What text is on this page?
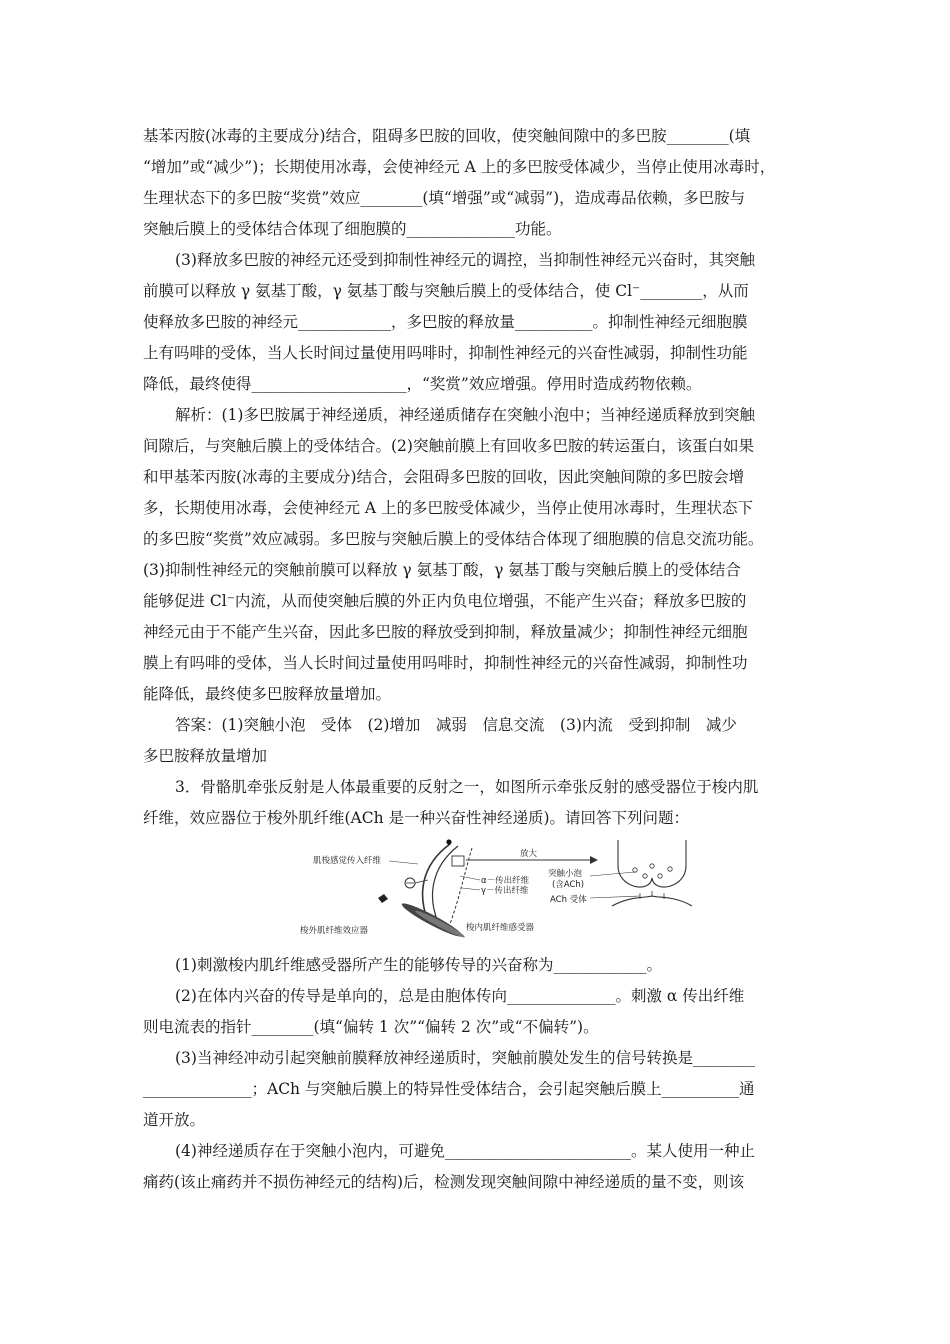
基苯丙胺(冰毒的主要成分)结合，阻碍多巴胺的回收，使突触间隙中的多巴胺________(填
“增加”或“减少”)；长期使用冰毒，会使神经元 A 上的多巴胺受体减少，当停止使用冰毒时，
生理状态下的多巴胺“奖赏”效应________(填“增强”或“减弱”)，造成毒品依赖，多巴胺与
突触后膜上的受体结合体现了细胞膜的______________功能。
(3)释放多巴胺的神经元还受到抑制性神经元的调控，当抑制性神经元兴奋时，其突触
前膜可以释放 γ 氨基丁酸，γ 氨基丁酸与突触后膜上的受体结合，使 Cl⁻________，从而
使释放多巴胺的神经元____________，多巴胺的释放量__________。抑制性神经元细胞膜
上有吗啡的受体，当人长时间过量使用吗啡时，抑制性神经元的兴奋性减弱，抑制性功能
降低，最终使得____________________，“奖赏”效应增强。停用时造成药物依赖。
解析：(1)多巴胺属于神经递质，神经递质储存在突触小泡中；当神经递质释放到突触
间隙后，与突触后膜上的受体结合。(2)突触前膜上有回收多巴胺的转运蛋白，该蛋白如果
和甲基苯丙胺(冰毒的主要成分)结合，会阻碍多巴胺的回收，因此突触间隙的多巴胺会增
多，长期使用冰毒，会使神经元 A 上的多巴胺受体减少，当停止使用冰毒时，生理状态下
的多巴胺“奖赏”效应减弱。多巴胺与突触后膜上的受体结合体现了细胞膜的信息交流功能。
(3)抑制性神经元的突触前膜可以释放 γ 氨基丁酸，γ 氨基丁酸与突触后膜上的受体结合
能够促进 Cl⁻内流，从而使突触后膜的外正内负电位增强，不能产生兴奋；释放多巴胺的
神经元由于不能产生兴奋，因此多巴胺的释放受到抑制，释放量减少；抑制性神经元细胞
膜上有吗啡的受体，当人长时间过量使用吗啡时，抑制性神经元的兴奋性减弱，抑制性功
能降低，最终使多巴胺释放量增加。
答案：(1)突触小泡　受体　(2)增加　减弱　信息交流　(3)内流　受到抑制　减少
多巴胺释放量增加
3．骨骼肌牵张反射是人体最重要的反射之一，如图所示牵张反射的感受器位于梭内肌
纤维，效应器位于梭外肌纤维(ACh 是一种兴奋性神经递质)。请回答下列问题：
肌梭感觉传入纤维
放大
突触小泡
(含ACh)
α－传出纤维
γ－传出纤维
ACh 受体
梭外肌纤维效应器	梭内肌纤维感受器
(1)刺激梭内肌纤维感受器所产生的能够传导的兴奋称为____________。
(2)在体内兴奋的传导是单向的，总是由胞体传向______________。刺激 α 传出纤维
则电流表的指针________(填“偏转 1 次”“偏转 2 次”或“不偏转”)。
(3)当神经冲动引起突触前膜释放神经递质时，突触前膜处发生的信号转换是________
______________；ACh 与突触后膜上的特异性受体结合，会引起突触后膜上__________通
道开放。
(4)神经递质存在于突触小泡内，可避免________________________。某人使用一种止
痛药(该止痛药并不损伤神经元的结构)后，检测发现突触间隙中神经递质的量不变，则该
